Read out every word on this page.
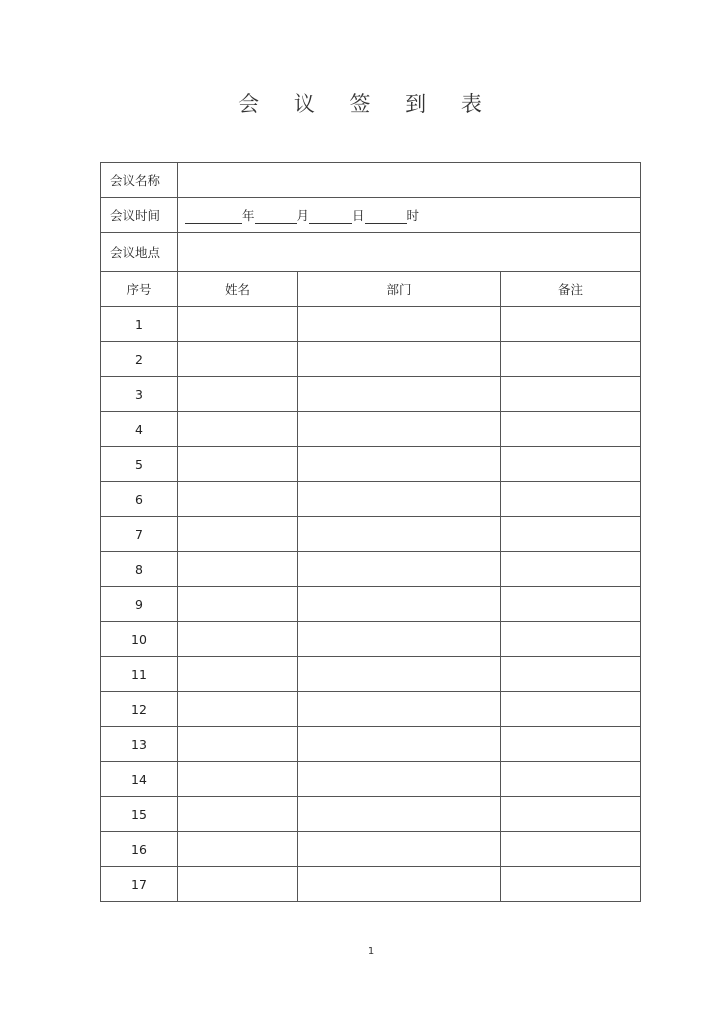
会 议 签 到 表
会议名称			
会议时间	年 月 日 时		
会议地点			
序号	姓名	部门	备注
1			
2			
3			
4			
5			
6			
7			
8			
9			
10			
11			
12			
13			
14			
15			
16			
17			
1
